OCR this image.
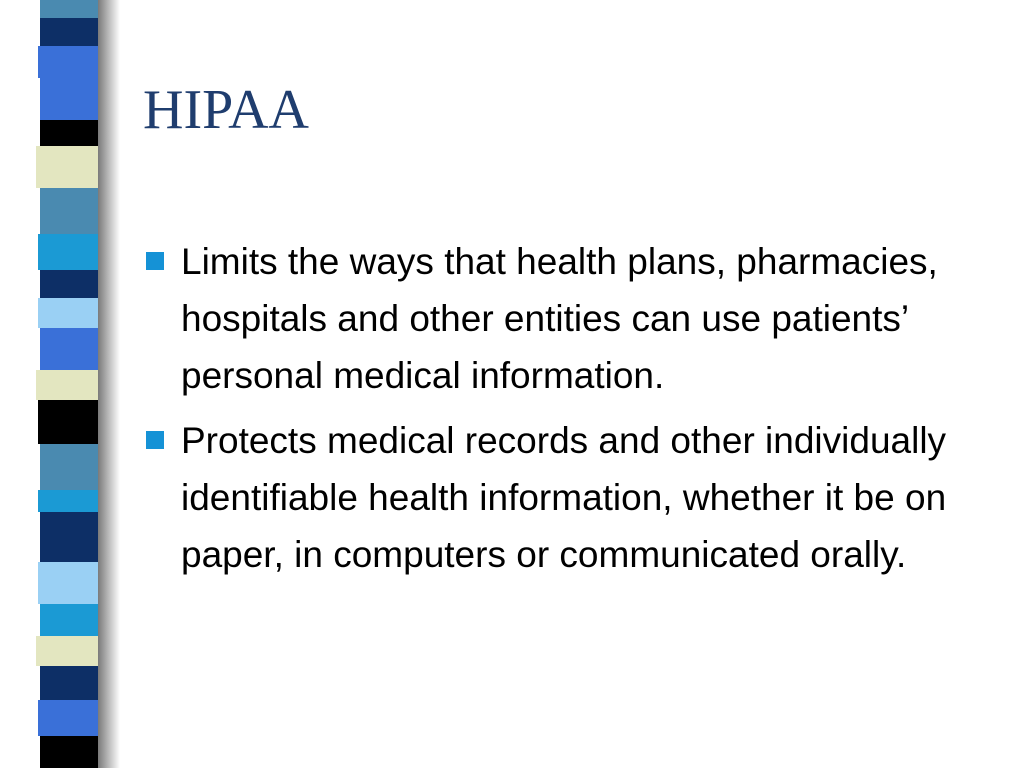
HIPAA
Limits the ways that health plans, pharmacies, hospitals and other entities can use patients’ personal medical information.
Protects medical records and other individually identifiable health information, whether it be on paper, in computers or communicated orally.
